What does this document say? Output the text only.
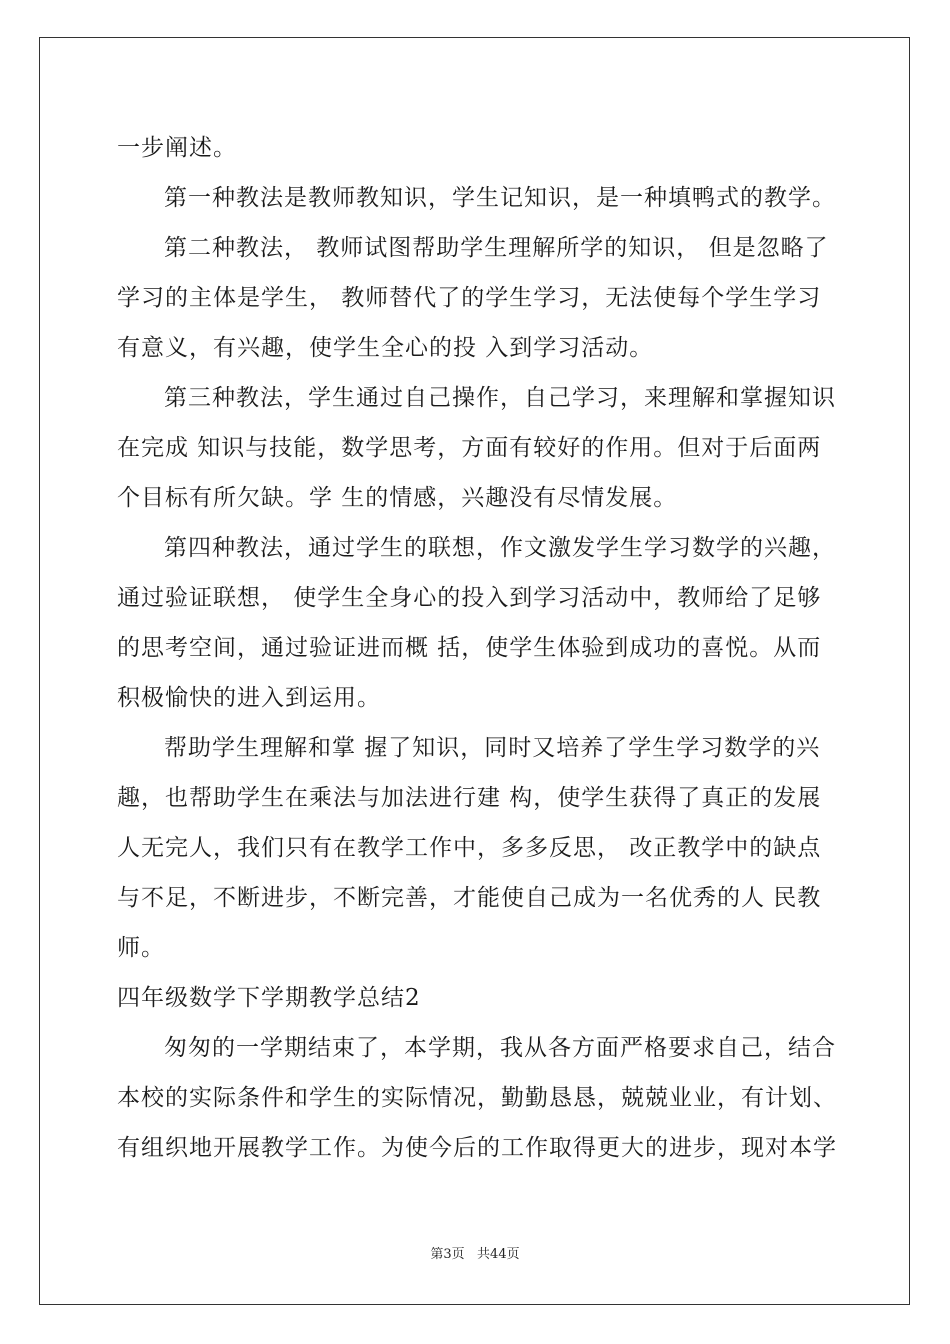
一步阐述。
第一种教法是教师教知识，学生记知识，是一种填鸭式的教学。
第二种教法， 教师试图帮助学生理解所学的知识， 但是忽略了
学习的主体是学生， 教师替代了的学生学习，无法使每个学生学习
有意义，有兴趣，使学生全心的投 入到学习活动。
第三种教法，学生通过自己操作，自己学习，来理解和掌握知识
在完成 知识与技能，数学思考，方面有较好的作用。但对于后面两
个目标有所欠缺。学 生的情感，兴趣没有尽情发展。
第四种教法，通过学生的联想，作文激发学生学习数学的兴趣，
通过验证联想， 使学生全身心的投入到学习活动中，教师给了足够
的思考空间，通过验证进而概 括，使学生体验到成功的喜悦。从而
积极愉快的进入到运用。
帮助学生理解和掌 握了知识，同时又培养了学生学习数学的兴
趣，也帮助学生在乘法与加法进行建 构，使学生获得了真正的发展
人无完人，我们只有在教学工作中，多多反思， 改正教学中的缺点
与不足，不断进步，不断完善，才能使自己成为一名优秀的人 民教
师。
四年级数学下学期教学总结2
匆匆的一学期结束了，本学期，我从各方面严格要求自己，结合
本校的实际条件和学生的实际情况，勤勤恳恳，兢兢业业，有计划、
有组织地开展教学工作。为使今后的工作取得更大的进步，现对本学
第3页   共44页
